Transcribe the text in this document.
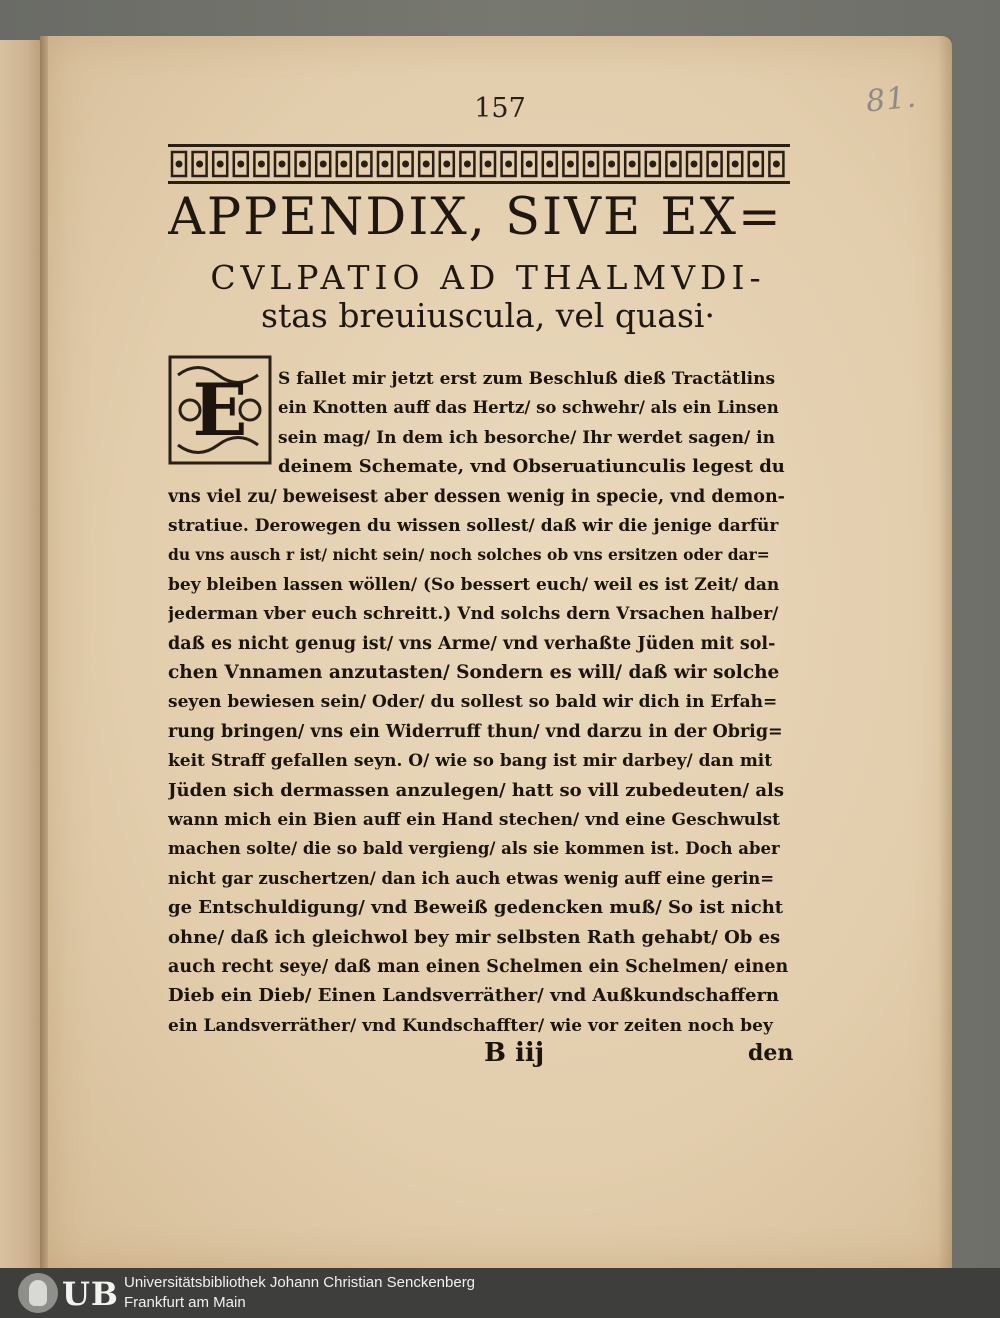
81.
157
APPENDIX, SIVE EX=
CVLPATIO AD THALMVDI-
stas breuiuscula, vel quasi·
E S fallet mir jetzt erst zum Beschluß dieß Tractätlins
ein Knotten auff das Hertz/ so schwehr/ als ein Linsen
sein mag/ In dem ich besorche/ Ihr werdet sagen/ in
deinem Schemate, vnd Obseruatiunculis legest du
vns viel zu/ beweisest aber dessen wenig in specie, vnd demon-
stratiue. Derowegen du wissen sollest/ daß wir die jenige darfür
du vns ausch r ist/ nicht sein/ noch solches ob vns ersitzen oder dar=
bey bleiben lassen wöllen/ (So bessert euch/ weil es ist Zeit/ dan
jederman vber euch schreitt.) Vnd solchs dern Vrsachen halber/
daß es nicht genug ist/ vns Arme/ vnd verhaßte Jüden mit sol-
chen Vnnamen anzutasten/ Sondern es will/ daß wir solche
seyen bewiesen sein/ Oder/ du sollest so bald wir dich in Erfah=
rung bringen/ vns ein Widerruff thun/ vnd darzu in der Obrig=
keit Straff gefallen seyn. O/ wie so bang ist mir darbey/ dan mit
Jüden sich dermassen anzulegen/ hatt so vill zubedeuten/ als
wann mich ein Bien auff ein Hand stechen/ vnd eine Geschwulst
machen solte/ die so bald vergieng/ als sie kommen ist. Doch aber
nicht gar zuschertzen/ dan ich auch etwas wenig auff eine gerin=
ge Entschuldigung/ vnd Beweiß gedencken muß/ So ist nicht
ohne/ daß ich gleichwol bey mir selbsten Rath gehabt/ Ob es
auch recht seye/ daß man einen Schelmen ein Schelmen/ einen
Dieb ein Dieb/ Einen Landsverräther/ vnd Außkundschaffern
ein Landsverräther/ vnd Kundschaffter/ wie vor zeiten noch bey
B iij	den
UB Universitätsbibliothek Johann Christian Senckenberg
Frankfurt am Main
